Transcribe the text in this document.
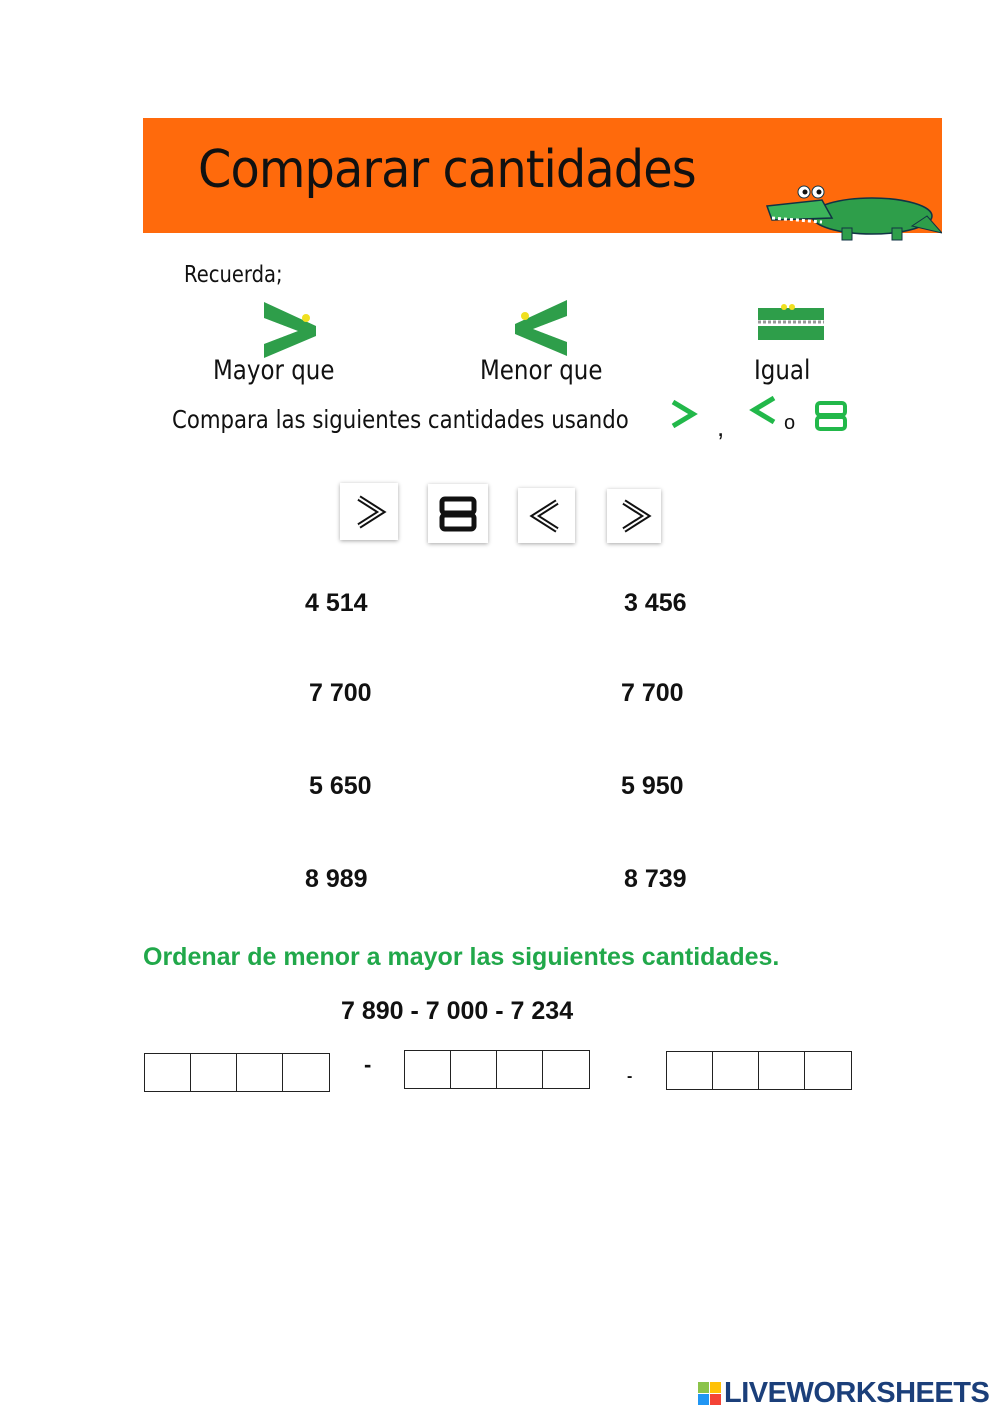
Comparar cantidades
Recuerda;
Mayor que	Menor que	Igual
Compara las siguientes cantidades usando	,	o
4 514	3 456
7 700	7 700
5 650	5 950
8 989	8 739
Ordenar de menor a mayor las siguientes cantidades.
7 890 - 7 000 - 7 234
-	-
LIVEWORKSHEETS
